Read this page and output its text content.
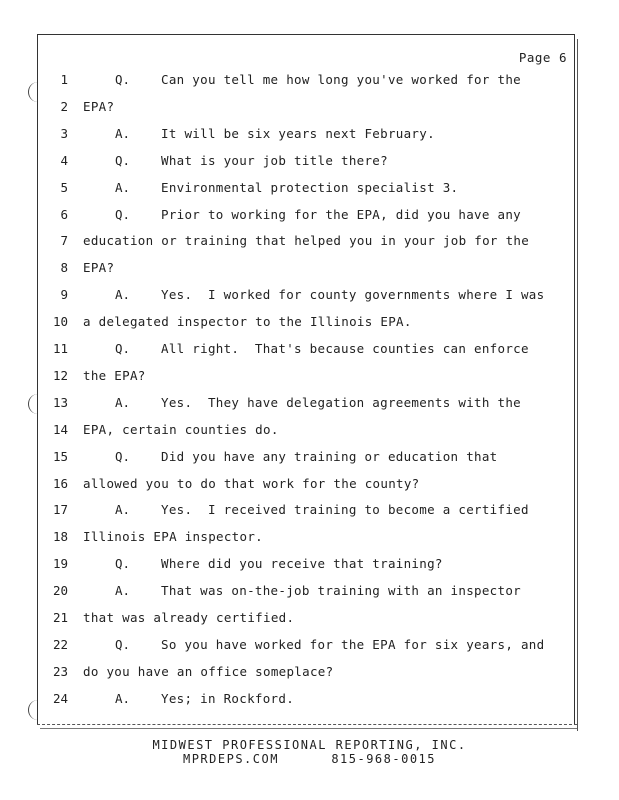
Page 6
1	Q. Can you tell me how long you've worked for the
2 EPA?
3	A. It will be six years next February.
4	Q. What is your job title there?
5	A. Environmental protection specialist 3.
6	Q. Prior to working for the EPA, did you have any
7 education or training that helped you in your job for the
8 EPA?
9	A. Yes.  I worked for county governments where I was
10 a delegated inspector to the Illinois EPA.
11	Q. All right.  That's because counties can enforce
12 the EPA?
13	A. Yes.  They have delegation agreements with the
14 EPA, certain counties do.
15	Q. Did you have any training or education that
16 allowed you to do that work for the county?
17	A. Yes.  I received training to become a certified
18 Illinois EPA inspector.
19	Q. Where did you receive that training?
20	A. That was on-the-job training with an inspector
21 that was already certified.
22	Q. So you have worked for the EPA for six years, and
23 do you have an office someplace?
24	A. Yes; in Rockford.
MIDWEST PROFESSIONAL REPORTING, INC.
MPRDEPS.COM	815-968-0015
